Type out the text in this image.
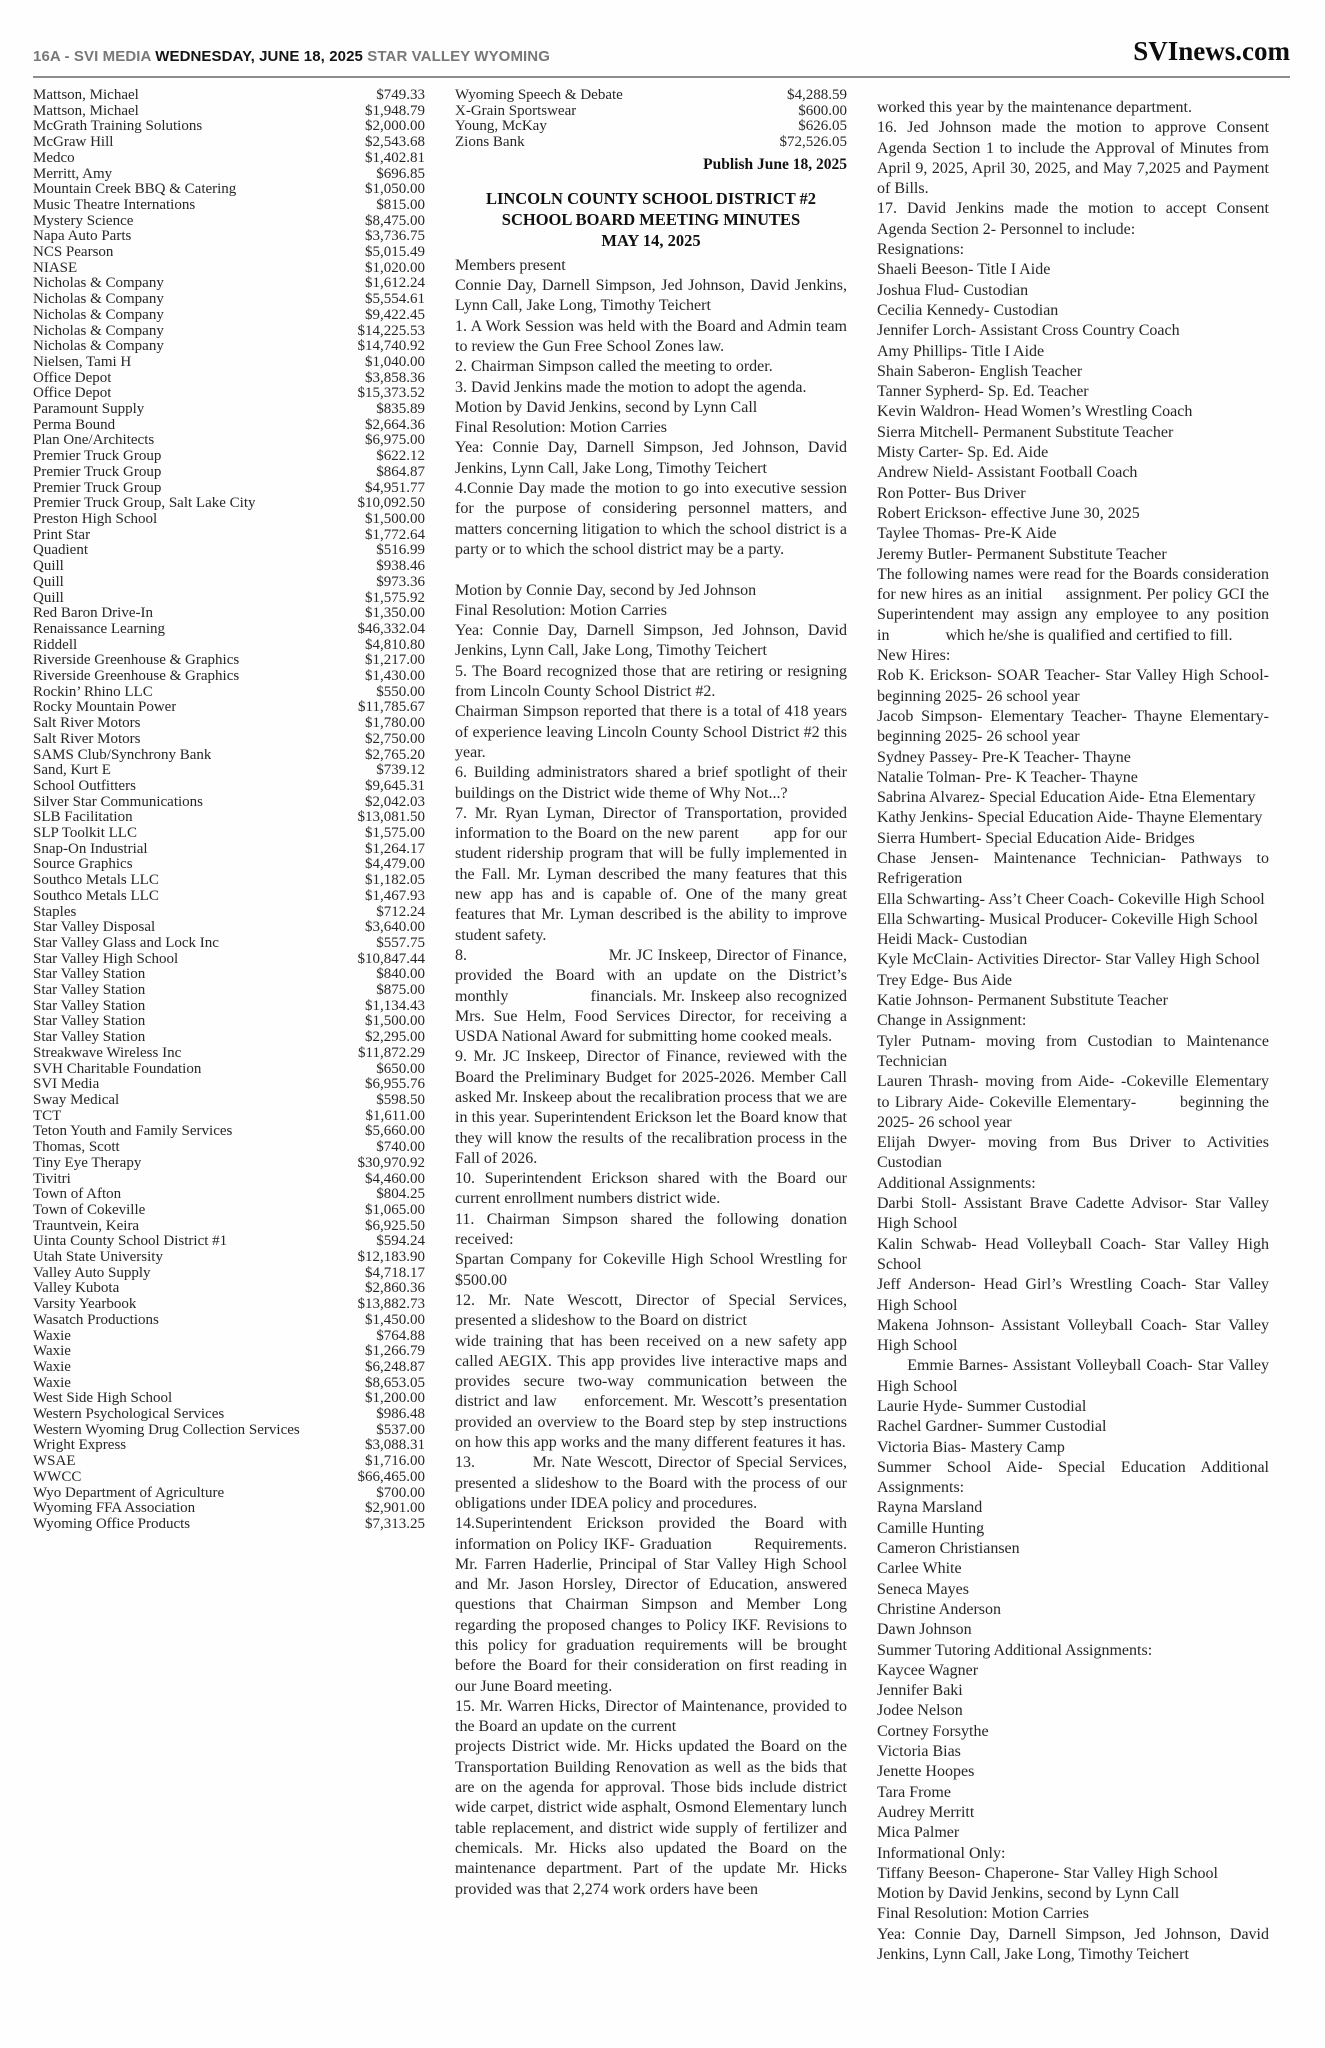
16A - SVI MEDIA WEDNESDAY, JUNE 18, 2025 STAR VALLEY WYOMING	SVInews.com
Mattson, Michael	$749.33
Mattson, Michael	$1,948.79
McGrath Training Solutions	$2,000.00
McGraw Hill	$2,543.68
Medco	$1,402.81
Merritt, Amy	$696.85
Mountain Creek BBQ & Catering	$1,050.00
Music Theatre Internations	$815.00
Mystery Science	$8,475.00
Napa Auto Parts	$3,736.75
NCS Pearson	$5,015.49
NIASE	$1,020.00
Nicholas & Company	$1,612.24
Nicholas & Company	$5,554.61
Nicholas & Company	$9,422.45
Nicholas & Company	$14,225.53
Nicholas & Company	$14,740.92
Nielsen, Tami H	$1,040.00
Office Depot	$3,858.36
Office Depot	$15,373.52
Paramount Supply	$835.89
Perma Bound	$2,664.36
Plan One/Architects	$6,975.00
Premier Truck Group	$622.12
Premier Truck Group	$864.87
Premier Truck Group	$4,951.77
Premier Truck Group, Salt Lake City	$10,092.50
Preston High School	$1,500.00
Print Star	$1,772.64
Quadient	$516.99
Quill	$938.46
Quill	$973.36
Quill	$1,575.92
Red Baron Drive-In	$1,350.00
Renaissance Learning	$46,332.04
Riddell	$4,810.80
Riverside Greenhouse & Graphics	$1,217.00
Riverside Greenhouse & Graphics	$1,430.00
Rockin’ Rhino LLC	$550.00
Rocky Mountain Power	$11,785.67
Salt River Motors	$1,780.00
Salt River Motors	$2,750.00
SAMS Club/Synchrony Bank	$2,765.20
Sand, Kurt E	$739.12
School Outfitters	$9,645.31
Silver Star Communications	$2,042.03
SLB Facilitation	$13,081.50
SLP Toolkit LLC	$1,575.00
Snap-On Industrial	$1,264.17
Source Graphics	$4,479.00
Southco Metals LLC	$1,182.05
Southco Metals LLC	$1,467.93
Staples	$712.24
Star Valley Disposal	$3,640.00
Star Valley Glass and Lock Inc	$557.75
Star Valley High School	$10,847.44
Star Valley Station	$840.00
Star Valley Station	$875.00
Star Valley Station	$1,134.43
Star Valley Station	$1,500.00
Star Valley Station	$2,295.00
Streakwave Wireless Inc	$11,872.29
SVH Charitable Foundation	$650.00
SVI Media	$6,955.76
Sway Medical	$598.50
TCT	$1,611.00
Teton Youth and Family Services	$5,660.00
Thomas, Scott	$740.00
Tiny Eye Therapy	$30,970.92
Tivitri	$4,460.00
Town of Afton	$804.25
Town of Cokeville	$1,065.00
Trauntvein, Keira	$6,925.50
Uinta County School District #1	$594.24
Utah State University	$12,183.90
Valley Auto Supply	$4,718.17
Valley Kubota	$2,860.36
Varsity Yearbook	$13,882.73
Wasatch Productions	$1,450.00
Waxie	$764.88
Waxie	$1,266.79
Waxie	$6,248.87
Waxie	$8,653.05
West Side High School	$1,200.00
Western Psychological Services	$986.48
Western Wyoming Drug Collection Services	$537.00
Wright Express	$3,088.31
WSAE	$1,716.00
WWCC	$66,465.00
Wyo Department of Agriculture	$700.00
Wyoming FFA Association	$2,901.00
Wyoming Office Products	$7,313.25
Wyoming Speech & Debate	$4,288.59
X-Grain Sportswear	$600.00
Young, McKay	$626.05
Zions Bank	$72,526.05
Publish June 18, 2025
LINCOLN COUNTY SCHOOL DISTRICT #2
SCHOOL BOARD MEETING MINUTES
MAY 14, 2025

Members present

Connie Day, Darnell Simpson, Jed Johnson, David Jenkins, Lynn Call, Jake Long, Timothy Teichert

1. A Work Session was held with the Board and Admin team to review the Gun Free School Zones law.

2. Chairman Simpson called the meeting to order.

3. David Jenkins made the motion to adopt the agenda.

Motion by David Jenkins, second by Lynn Call

Final Resolution: Motion Carries

Yea: Connie Day, Darnell Simpson, Jed Johnson, David Jenkins, Lynn Call, Jake Long, Timothy Teichert

4.Connie Day made the motion to go into executive session for the purpose of considering personnel matters, and matters concerning litigation to which the school district is a party or to which the school district may be a party.

Motion by Connie Day, second by Jed Johnson

Final Resolution: Motion Carries

Yea: Connie Day, Darnell Simpson, Jed Johnson, David Jenkins, Lynn Call, Jake Long, Timothy Teichert

5. The Board recognized those that are retiring or resigning from Lincoln County School District #2.

Chairman Simpson reported that there is a total of 418 years of experience leaving Lincoln County School District #2 this year.

6. Building administrators shared a brief spotlight of their buildings on the District wide theme of Why Not...?

7. Mr. Ryan Lyman, Director of Transportation, provided information to the Board on the new parent       app for our student ridership program that will be fully implemented in the Fall. Mr. Lyman described the many features that this new app has and is capable of. One of the many great features that Mr. Lyman described is the ability to improve student safety.

8.                              Mr. JC Inskeep, Director of Finance, provided the Board with an update on the District’s monthly               financials. Mr. Inskeep also recognized Mrs. Sue Helm, Food Services Director, for receiving a USDA National Award for submitting home cooked meals.

9. Mr. JC Inskeep, Director of Finance, reviewed with the Board the Preliminary Budget for 2025-2026. Member Call asked Mr. Inskeep about the recalibration process that we are in this year. Superintendent Erickson let the Board know that they will know the results of the recalibration process in the Fall of 2026.

10. Superintendent Erickson shared with the Board our current enrollment numbers district wide.

11. Chairman Simpson shared the following donation received:

Spartan Company for Cokeville High School Wrestling for $500.00

12. Mr. Nate Wescott, Director of Special Services, presented a slideshow to the Board on district

wide training that has been received on a new safety app called AEGIX. This app provides live interactive maps and provides secure two-way communication between the district and law     enforcement. Mr. Wescott’s presentation provided an overview to the Board step by step instructions on how this app works and the many different features it has.

13.          Mr. Nate Wescott, Director of Special Services, presented a slideshow to the Board with the process of our obligations under IDEA policy and procedures.

14.Superintendent Erickson provided the Board with information on Policy IKF- Graduation        Requirements. Mr. Farren Haderlie, Principal of Star Valley High School and Mr. Jason Horsley, Director of Education, answered questions that Chairman Simpson and Member Long regarding the proposed changes to Policy IKF. Revisions to this policy for graduation requirements will be brought before the Board for their consideration on first reading in our June Board meeting.

15. Mr. Warren Hicks, Director of Maintenance, provided to the Board an update on the current

projects District wide. Mr. Hicks updated the Board on the Transportation Building Renovation as well as the bids that are on the agenda for approval. Those bids include district wide carpet, district wide asphalt, Osmond Elementary lunch table replacement, and district wide supply of fertilizer and chemicals. Mr. Hicks also updated the Board on the maintenance department. Part of the update Mr. Hicks provided was that 2,274 work orders have been

worked this year by the maintenance department.

16. Jed Johnson made the motion to approve Consent Agenda Section 1 to include the Approval of Minutes from April 9, 2025, April 30, 2025, and May 7,2025 and Payment of Bills.

17. David Jenkins made the motion to accept Consent Agenda Section 2- Personnel to include:

Resignations:

Shaeli Beeson- Title I Aide

Joshua Flud- Custodian

Cecilia Kennedy- Custodian

Jennifer Lorch- Assistant Cross Country Coach

Amy Phillips- Title I Aide

Shain Saberon- English Teacher

Tanner Sypherd- Sp. Ed. Teacher

Kevin Waldron- Head Women’s Wrestling Coach

Sierra Mitchell- Permanent Substitute Teacher

Misty Carter- Sp. Ed. Aide

Andrew Nield- Assistant Football Coach

Ron Potter- Bus Driver

Robert Erickson- effective June 30, 2025

Taylee Thomas- Pre-K Aide

Jeremy Butler- Permanent Substitute Teacher

The following names were read for the Boards consideration for new hires as an initial     assignment. Per policy GCI the Superintendent may assign any employee to any position in              which he/she is qualified and certified to fill.

New Hires:

Rob K. Erickson- SOAR Teacher- Star Valley High School- beginning 2025- 26 school year

Jacob Simpson- Elementary Teacher- Thayne Elementary- beginning 2025- 26 school year

Sydney Passey- Pre-K Teacher- Thayne

Natalie Tolman- Pre- K Teacher- Thayne

Sabrina Alvarez- Special Education Aide- Etna Elementary

Kathy Jenkins- Special Education Aide- Thayne Elementary

Sierra Humbert- Special Education Aide- Bridges

Chase Jensen- Maintenance Technician- Pathways to Refrigeration

Ella Schwarting- Ass’t Cheer Coach- Cokeville High School

Ella Schwarting- Musical Producer- Cokeville High School

Heidi Mack- Custodian

Kyle McClain- Activities Director- Star Valley High School

Trey Edge- Bus Aide

Katie Johnson- Permanent Substitute Teacher

Change in Assignment:

Tyler Putnam- moving from Custodian to Maintenance Technician

Lauren Thrash- moving from Aide- -Cokeville Elementary to Library Aide- Cokeville Elementary-        beginning the 2025- 26 school year

Elijah Dwyer- moving from Bus Driver to Activities Custodian

Additional Assignments:

Darbi Stoll- Assistant Brave Cadette Advisor- Star Valley High School

Kalin Schwab- Head Volleyball Coach- Star Valley High School

Jeff Anderson- Head Girl’s Wrestling Coach- Star Valley High School

Makena Johnson- Assistant Volleyball Coach- Star Valley High School

Emmie Barnes- Assistant Volleyball Coach- Star Valley High School

Laurie Hyde- Summer Custodial

Rachel Gardner- Summer Custodial

Victoria Bias- Mastery Camp

Summer School Aide- Special Education Additional Assignments:

Rayna Marsland

Camille Hunting

Cameron Christiansen

Carlee White

Seneca Mayes

Christine Anderson

Dawn Johnson

Summer Tutoring Additional Assignments:

Kaycee Wagner

Jennifer Baki

Jodee Nelson

Cortney Forsythe

Victoria Bias

Jenette Hoopes

Tara Frome

Audrey Merritt

Mica Palmer

Informational Only:

Tiffany Beeson- Chaperone- Star Valley High School

Motion by David Jenkins, second by Lynn Call

Final Resolution: Motion Carries

Yea: Connie Day, Darnell Simpson, Jed Johnson, David Jenkins, Lynn Call, Jake Long, Timothy Teichert
